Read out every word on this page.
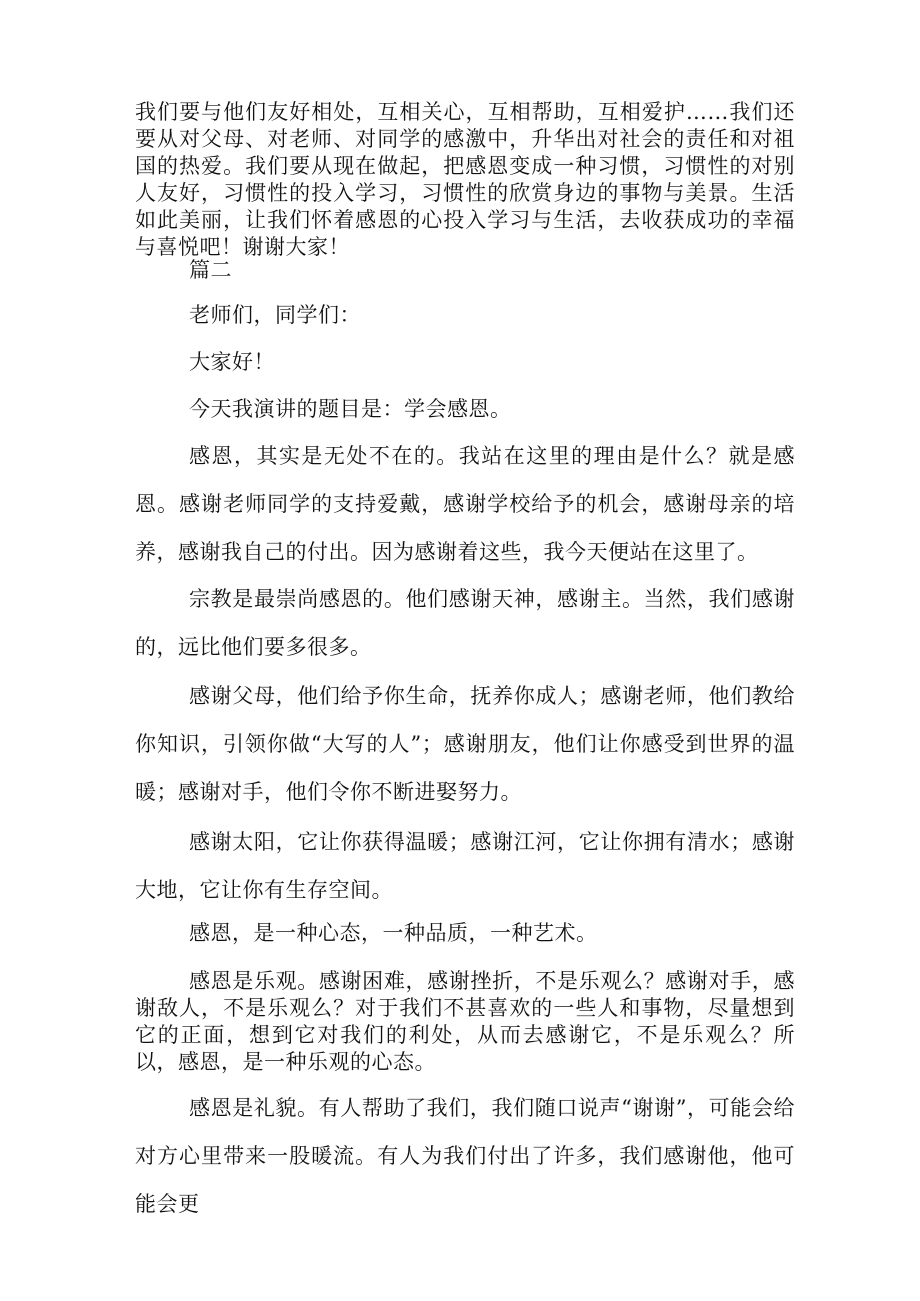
我们要与他们友好相处，互相关心，互相帮助，互相爱护……我们还要从对父母、对老师、对同学的感激中，升华出对社会的责任和对祖国的热爱。我们要从现在做起，把感恩变成一种习惯，习惯性的对别人友好，习惯性的投入学习，习惯性的欣赏身边的事物与美景。生活如此美丽，让我们怀着感恩的心投入学习与生活，去收获成功的幸福与喜悦吧！谢谢大家！

篇二

老师们，同学们：

大家好！

今天我演讲的题目是：学会感恩。

感恩，其实是无处不在的。我站在这里的理由是什么？就是感恩。感谢老师同学的支持爱戴，感谢学校给予的机会，感谢母亲的培养，感谢我自己的付出。因为感谢着这些，我今天便站在这里了。

宗教是最崇尚感恩的。他们感谢天神，感谢主。当然，我们感谢的，远比他们要多很多。

感谢父母，他们给予你生命，抚养你成人；感谢老师，他们教给你知识，引领你做“大写的人”；感谢朋友，他们让你感受到世界的温暖；感谢对手，他们令你不断进娶努力。

感谢太阳，它让你获得温暖；感谢江河，它让你拥有清水；感谢大地，它让你有生存空间。

感恩，是一种心态，一种品质，一种艺术。

感恩是乐观。感谢困难，感谢挫折，不是乐观么？感谢对手，感谢敌人，不是乐观么？对于我们不甚喜欢的一些人和事物，尽量想到它的正面，想到它对我们的利处，从而去感谢它，不是乐观么？所以，感恩，是一种乐观的心态。

感恩是礼貌。有人帮助了我们，我们随口说声“谢谢”，可能会给对方心里带来一股暖流。有人为我们付出了许多，我们感谢他，他可能会更
